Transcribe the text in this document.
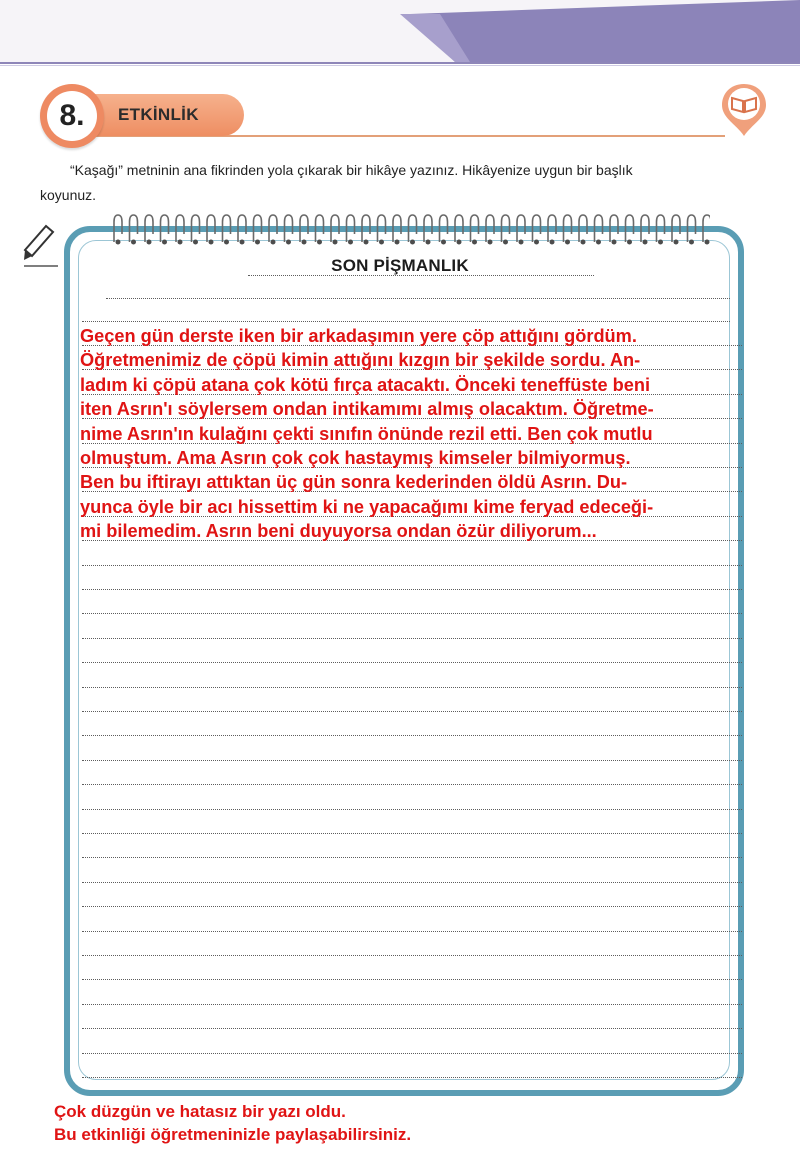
ETKİNLİK
8.
“Kaşağı” metninin ana fikrinden yola çıkarak bir hikâye yazınız. Hikâyenize uygun bir başlık
koyunuz.
SON PİŞMANLIK
Geçen gün derste iken bir arkadaşımın yere çöp attığını gördüm.
Öğretmenimiz de çöpü kimin attığını kızgın bir şekilde sordu. An-
ladım ki çöpü atana çok kötü fırça atacaktı. Önceki teneffüste beni
iten Asrın'ı söylersem ondan intikamımı almış olacaktım. Öğretme-
nime Asrın'ın kulağını çekti sınıfın önünde rezil etti. Ben çok mutlu
olmuştum. Ama Asrın çok çok hastaymış kimseler bilmiyormuş.
Ben bu iftirayı attıktan üç gün sonra kederinden öldü Asrın. Du-
yunca öyle bir acı hissettim ki ne yapacağımı kime feryad edeceği-
mi bilemedim. Asrın beni duyuyorsa ondan özür diliyorum...
Çok düzgün ve hatasız bir yazı oldu.
Bu etkinliği öğretmeninizle paylaşabilirsiniz.
